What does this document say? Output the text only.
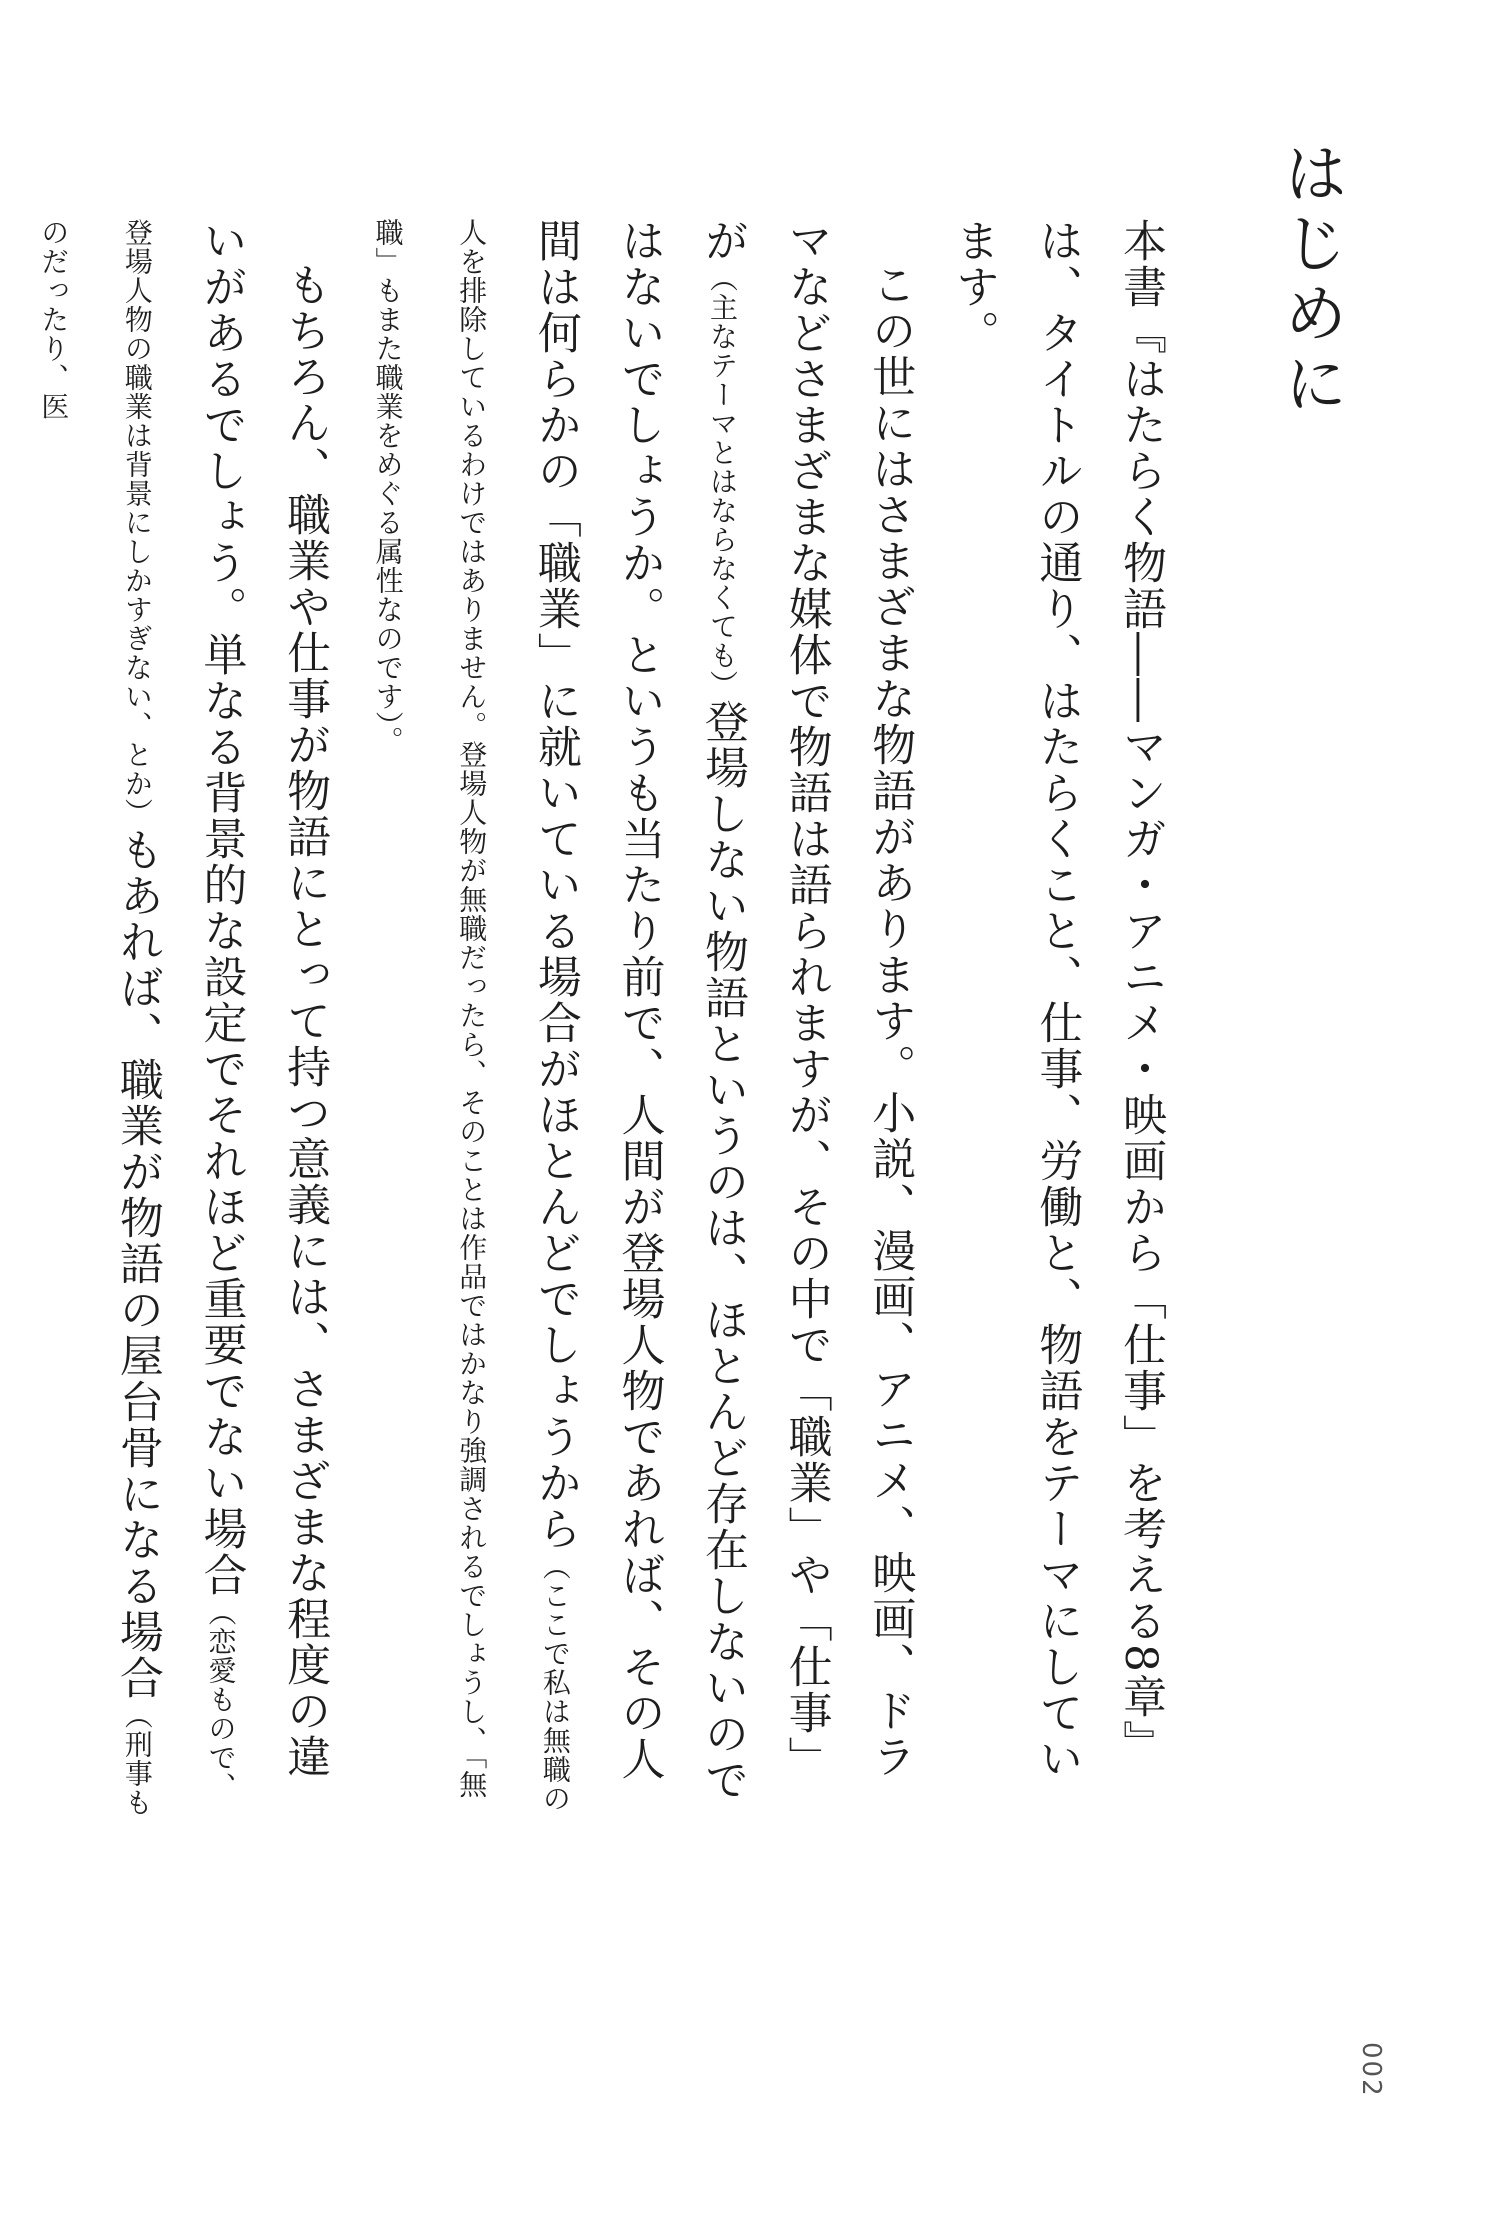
はじめに

本書『はたらく物語――マンガ・アニメ・映画から「仕事」を考える8章』は、タイトルの通り、はたらくこと、仕事、労働と、物語をテーマにしています。

この世にはさまざまな物語があります。小説、漫画、アニメ、映画、ドラマなどさまざまな媒体で物語は語られますが、その中で「職業」や「仕事」が（主なテーマとはならなくても）登場しない物語というのは、ほとんど存在しないのではないでしょうか。というも当たり前で、人間が登場人物であれば、その人間は何らかの「職業」に就いている場合がほとんどでしょうから（ここで私は無職の人を排除しているわけではありません。登場人物が無職だったら、そのことは作品ではかなり強調されるでしょうし、「無職」もまた職業をめぐる属性なのです）。

もちろん、職業や仕事が物語にとって持つ意義には、さまざまな程度の違いがあるでしょう。単なる背景的な設定でそれほど重要でない場合（恋愛もので、登場人物の職業は背景にしかすぎない、とか）もあれば、職業が物語の屋台骨になる場合（刑事ものだったり、医

002
